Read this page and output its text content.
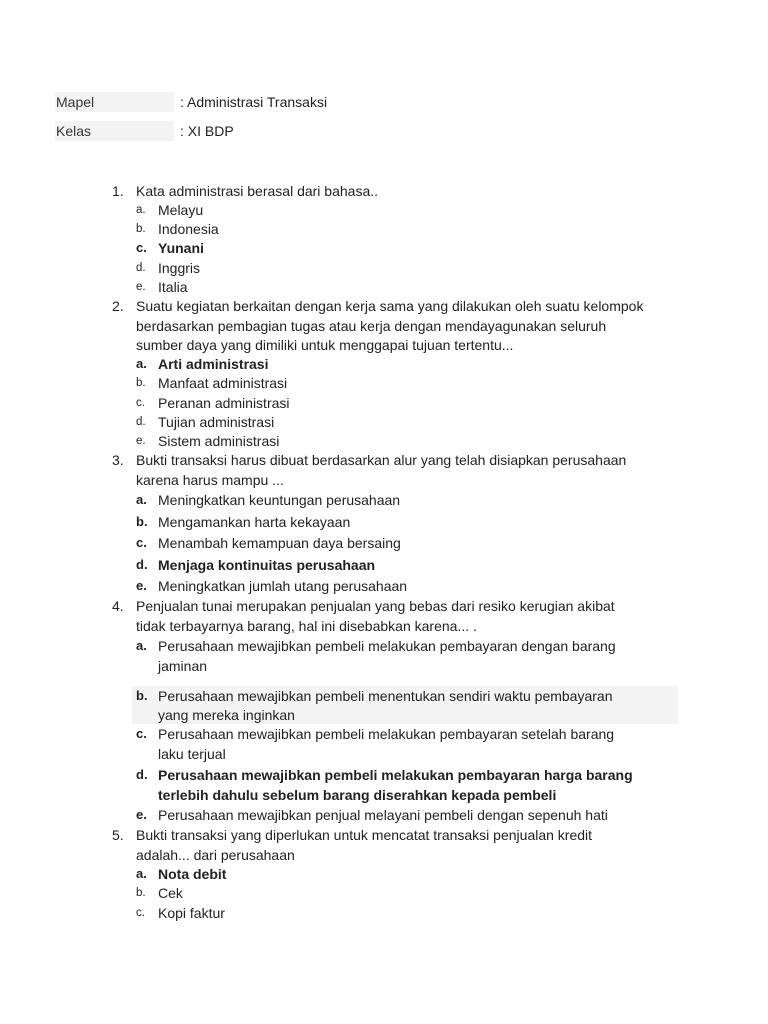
Mapel	: Administrasi Transaksi
Kelas	: XI BDP
1. Kata administrasi berasal dari bahasa..
a. Melayu
b. Indonesia
c. Yunani
d. Inggris
e. Italia
2. Suatu kegiatan berkaitan dengan kerja sama yang dilakukan oleh suatu kelompok
berdasarkan pembagian tugas atau kerja dengan mendayagunakan seluruh
sumber daya yang dimiliki untuk menggapai tujuan tertentu...
a. Arti administrasi
b. Manfaat administrasi
c. Peranan administrasi
d. Tujian administrasi
e. Sistem administrasi
3. Bukti transaksi harus dibuat berdasarkan alur yang telah disiapkan perusahaan
karena harus mampu ...
a. Meningkatkan keuntungan perusahaan
b. Mengamankan harta kekayaan
c. Menambah kemampuan daya bersaing
d. Menjaga kontinuitas perusahaan
e. Meningkatkan jumlah utang perusahaan
4. Penjualan tunai merupakan penjualan yang bebas dari resiko kerugian akibat
tidak terbayarnya barang, hal ini disebabkan karena... .
a. Perusahaan mewajibkan pembeli melakukan pembayaran dengan barang
jaminan
b. Perusahaan mewajibkan pembeli menentukan sendiri waktu pembayaran
yang mereka inginkan
c. Perusahaan mewajibkan pembeli melakukan pembayaran setelah barang
laku terjual
d. Perusahaan mewajibkan pembeli melakukan pembayaran harga barang
terlebih dahulu sebelum barang diserahkan kepada pembeli
e. Perusahaan mewajibkan penjual melayani pembeli dengan sepenuh hati
5. Bukti transaksi yang diperlukan untuk mencatat transaksi penjualan kredit
adalah... dari perusahaan
a. Nota debit
b. Cek
c. Kopi faktur
